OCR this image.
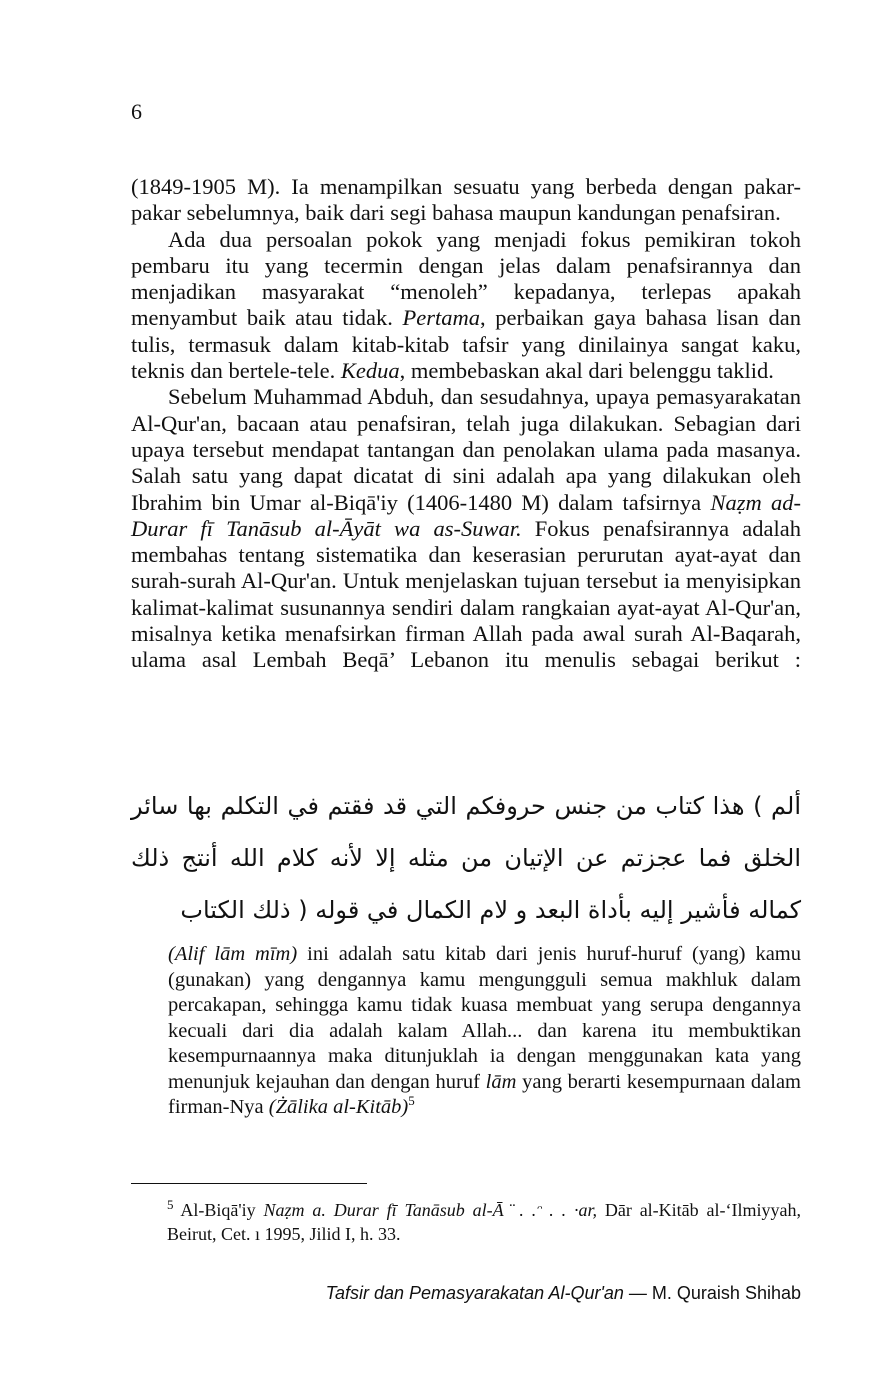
6

(1849-1905 M). Ia menampilkan sesuatu yang berbeda dengan pakar-pakar sebelumnya, baik dari segi bahasa maupun kandungan penafsiran.

Ada dua persoalan pokok yang menjadi fokus pemikiran tokoh pembaru itu yang tecermin dengan jelas dalam penafsirannya dan menjadikan masyarakat “menoleh” kepadanya, terlepas apakah menyambut baik atau tidak. Pertama, perbaikan gaya bahasa lisan dan tulis, termasuk dalam kitab-kitab tafsir yang dinilainya sangat kaku, teknis dan bertele-tele. Kedua, membebaskan akal dari belenggu taklid.

Sebelum Muhammad Abduh, dan sesudahnya, upaya pemasyarakatan Al-Qur'an, bacaan atau penafsiran, telah juga dilakukan. Sebagian dari upaya tersebut mendapat tantangan dan penolakan ulama pada masanya. Salah satu yang dapat dicatat di sini adalah apa yang dilakukan oleh Ibrahim bin Umar al-Biqā'iy (1406-1480 M) dalam tafsirnya Naẓm ad-Durar fī Tanāsub al-Āyāt wa as-Suwar. Fokus penafsirannya adalah membahas tentang sistematika dan keserasian perurutan ayat-ayat dan surah-surah Al-Qur'an. Untuk menjelaskan tujuan tersebut ia menyisipkan kalimat-kalimat susunannya sendiri dalam rangkaian ayat-ayat Al-Qur'an, misalnya ketika menafsirkan firman Allah pada awal surah Al-Baqarah, ulama asal Lembah Beqā’ Lebanon itu menulis sebagai berikut :

ألم ) هذا كتاب من جنس حروفكم التي قد فقتم في التكلم بها سائر الخلق فما عجزتم عن الإتيان من مثله إلا لأنه كلام الله أنتج ذلك كماله فأشير إليه بأداة البعد و لام الكمال في قوله ( ذلك الكتاب

(Alif lām mīm) ini adalah satu kitab dari jenis huruf-huruf (yang) kamu (gunakan) yang dengannya kamu mengungguli semua makhluk dalam percakapan, sehingga kamu tidak kuasa membuat yang serupa dengannya kecuali dari dia adalah kalam Allah... dan karena itu membuktikan kesempurnaannya maka ditunjuklah ia dengan menggunakan kata yang menunjuk kejauhan dan dengan huruf lām yang berarti kesempurnaan dalam firman-Nya (Żālika al-Kitāb)$^5$

$^5$ Al-Biqā'iy Naẓm a. Durar fī Tanāsub al-Ā ̈ . .ᵔ . . ·ar, Dār al-Kitāb al-‘Ilmiyyah, Beirut, Cet. ı 1995, Jilid I, h. 33.
Tafsir dan Pemasyarakatan Al-Qur'an — M. Quraish Shihab
